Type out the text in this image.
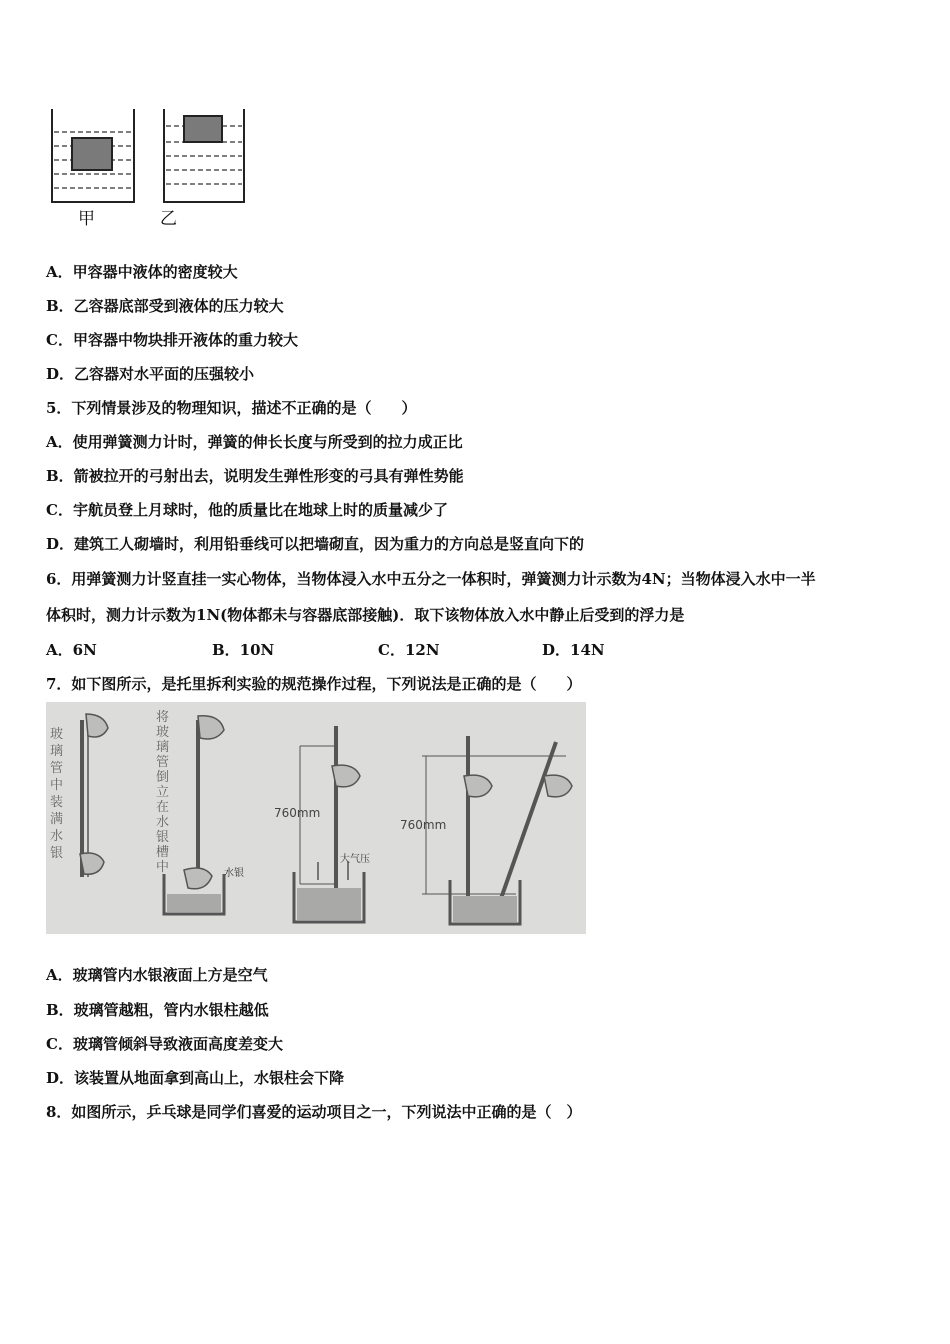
甲	乙
A．甲容器中液体的密度较大
B．乙容器底部受到液体的压力较大
C．甲容器中物块排开液体的重力较大
D．乙容器对水平面的压强较小
5．下列情景涉及的物理知识，描述不正确的是（　　）
A．使用弹簧测力计时，弹簧的伸长长度与所受到的拉力成正比
B．箭被拉开的弓射出去，说明发生弹性形变的弓具有弹性势能
C．宇航员登上月球时，他的质量比在地球上时的质量减少了
D．建筑工人砌墙时，利用铅垂线可以把墙砌直，因为重力的方向总是竖直向下的
6．用弹簧测力计竖直挂一实心物体，当物体浸入水中五分之一体积时，弹簧测力计示数为4N；当物体浸入水中一半
体积时，测力计示数为1N(物体都未与容器底部接触)．取下该物体放入水中静止后受到的浮力是
A．6N	B．10N	C．12N	D．14N
7．如下图所示，是托里拆利实验的规范操作过程，下列说法是正确的是（　　）
玻璃管中装满水银
将玻璃管倒立在水银槽中	水银
760mm
大气压
760mm
A．玻璃管内水银液面上方是空气
B．玻璃管越粗，管内水银柱越低
C．玻璃管倾斜导致液面高度差变大
D．该装置从地面拿到高山上，水银柱会下降
8．如图所示，乒乓球是同学们喜爱的运动项目之一，下列说法中正确的是（　）
